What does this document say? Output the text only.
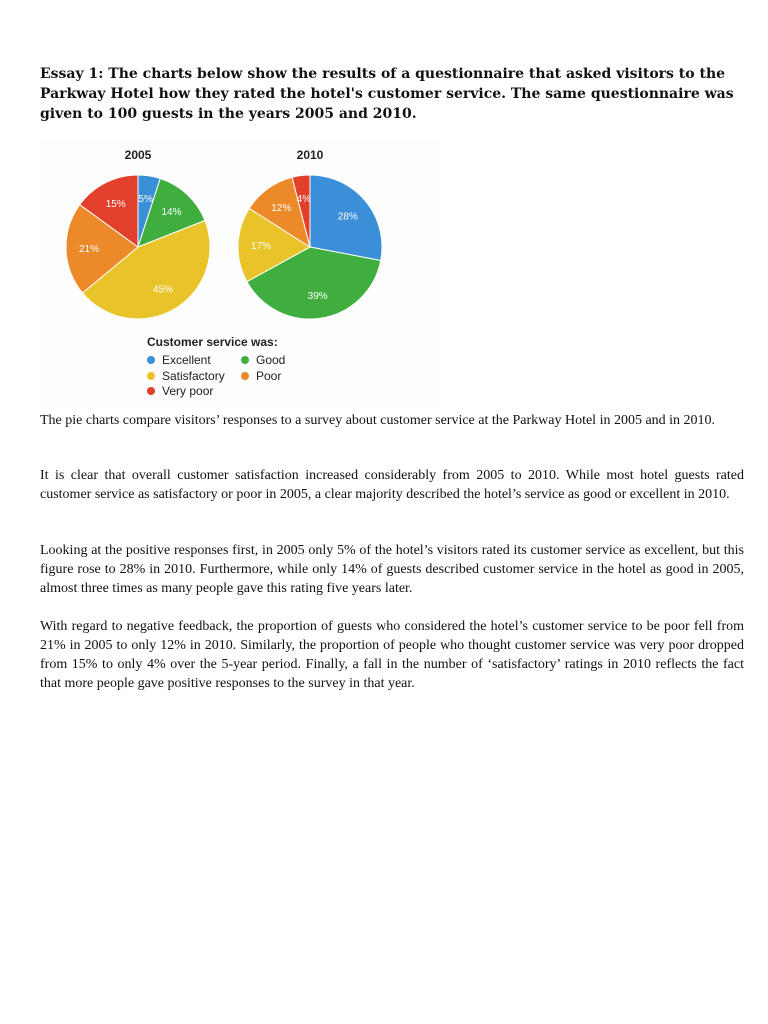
Essay 1: The charts below show the results of a questionnaire that asked visitors to the Parkway Hotel how they rated the hotel's customer service. The same questionnaire was given to 100 guests in the years 2005 and 2010.
2005	2010
5%
14%
45%
21%
15%
28%
39%
17%
12%
4%
Customer service was:
Excellent	Good
Satisfactory	Poor
Very poor

The pie charts compare visitors’ responses to a survey about customer service at the Parkway Hotel in 2005 and in 2010.

It is clear that overall customer satisfaction increased considerably from 2005 to 2010. While most hotel guests rated customer service as satisfactory or poor in 2005, a clear majority described the hotel’s service as good or excellent in 2010.

Looking at the positive responses first, in 2005 only 5% of the hotel’s visitors rated its customer service as excellent, but this figure rose to 28% in 2010. Furthermore, while only 14% of guests described customer service in the hotel as good in 2005, almost three times as many people gave this rating five years later.

With regard to negative feedback, the proportion of guests who considered the hotel’s customer service to be poor fell from 21% in 2005 to only 12% in 2010. Similarly, the proportion of people who thought customer service was very poor dropped from 15% to only 4% over the 5-year period. Finally, a fall in the number of ‘satisfactory’ ratings in 2010 reflects the fact that more people gave positive responses to the survey in that year.
